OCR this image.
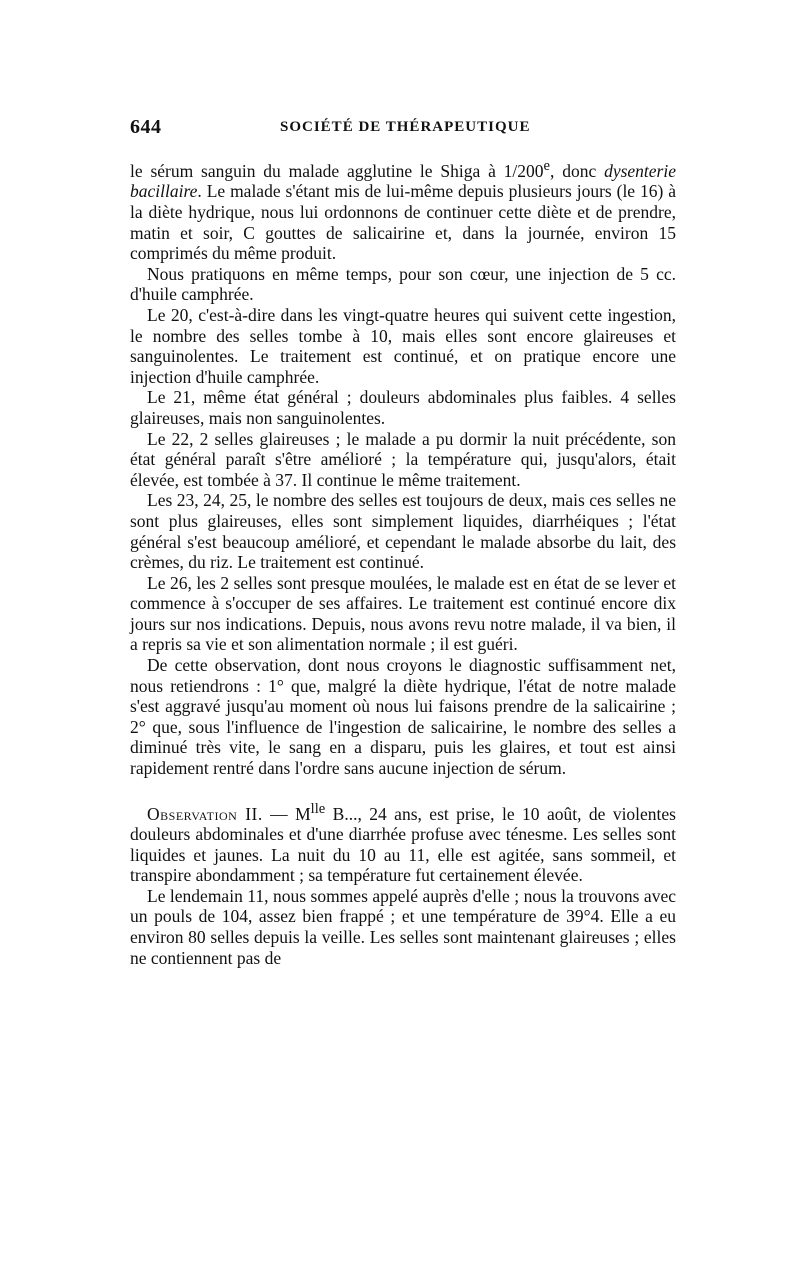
644	SOCIÉTÉ DE THÉRAPEUTIQUE

le sérum sanguin du malade agglutine le Shiga à 1/200e, donc dysenterie bacillaire. Le malade s'étant mis de lui-même depuis plusieurs jours (le 16) à la diète hydrique, nous lui ordonnons de continuer cette diète et de prendre, matin et soir, C gouttes de salicairine et, dans la journée, environ 15 comprimés du même produit.

Nous pratiquons en même temps, pour son cœur, une injection de 5 cc. d'huile camphrée.

Le 20, c'est-à-dire dans les vingt-quatre heures qui suivent cette ingestion, le nombre des selles tombe à 10, mais elles sont encore glaireuses et sanguinolentes. Le traitement est continué, et on pratique encore une injection d'huile camphrée.

Le 21, même état général ; douleurs abdominales plus faibles. 4 selles glaireuses, mais non sanguinolentes.

Le 22, 2 selles glaireuses ; le malade a pu dormir la nuit précédente, son état général paraît s'être amélioré ; la température qui, jusqu'alors, était élevée, est tombée à 37. Il continue le même traitement.

Les 23, 24, 25, le nombre des selles est toujours de deux, mais ces selles ne sont plus glaireuses, elles sont simplement liquides, diarrhéiques ; l'état général s'est beaucoup amélioré, et cependant le malade absorbe du lait, des crèmes, du riz. Le traitement est continué.

Le 26, les 2 selles sont presque moulées, le malade est en état de se lever et commence à s'occuper de ses affaires. Le traitement est continué encore dix jours sur nos indications. Depuis, nous avons revu notre malade, il va bien, il a repris sa vie et son alimentation normale ; il est guéri.

De cette observation, dont nous croyons le diagnostic suffisamment net, nous retiendrons : 1° que, malgré la diète hydrique, l'état de notre malade s'est aggravé jusqu'au moment où nous lui faisons prendre de la salicairine ; 2° que, sous l'influence de l'ingestion de salicairine, le nombre des selles a diminué très vite, le sang en a disparu, puis les glaires, et tout est ainsi rapidement rentré dans l'ordre sans aucune injection de sérum.

Observation II. — $M^{lle}$ B..., 24 ans, est prise, le 10 août, de violentes douleurs abdominales et d'une diarrhée profuse avec ténesme. Les selles sont liquides et jaunes. La nuit du 10 au 11, elle est agitée, sans sommeil, et transpire abondamment ; sa température fut certainement élevée.

Le lendemain 11, nous sommes appelé auprès d'elle ; nous la trouvons avec un pouls de 104, assez bien frappé ; et une température de 39°4. Elle a eu environ 80 selles depuis la veille. Les selles sont maintenant glaireuses ; elles ne contiennent pas de
